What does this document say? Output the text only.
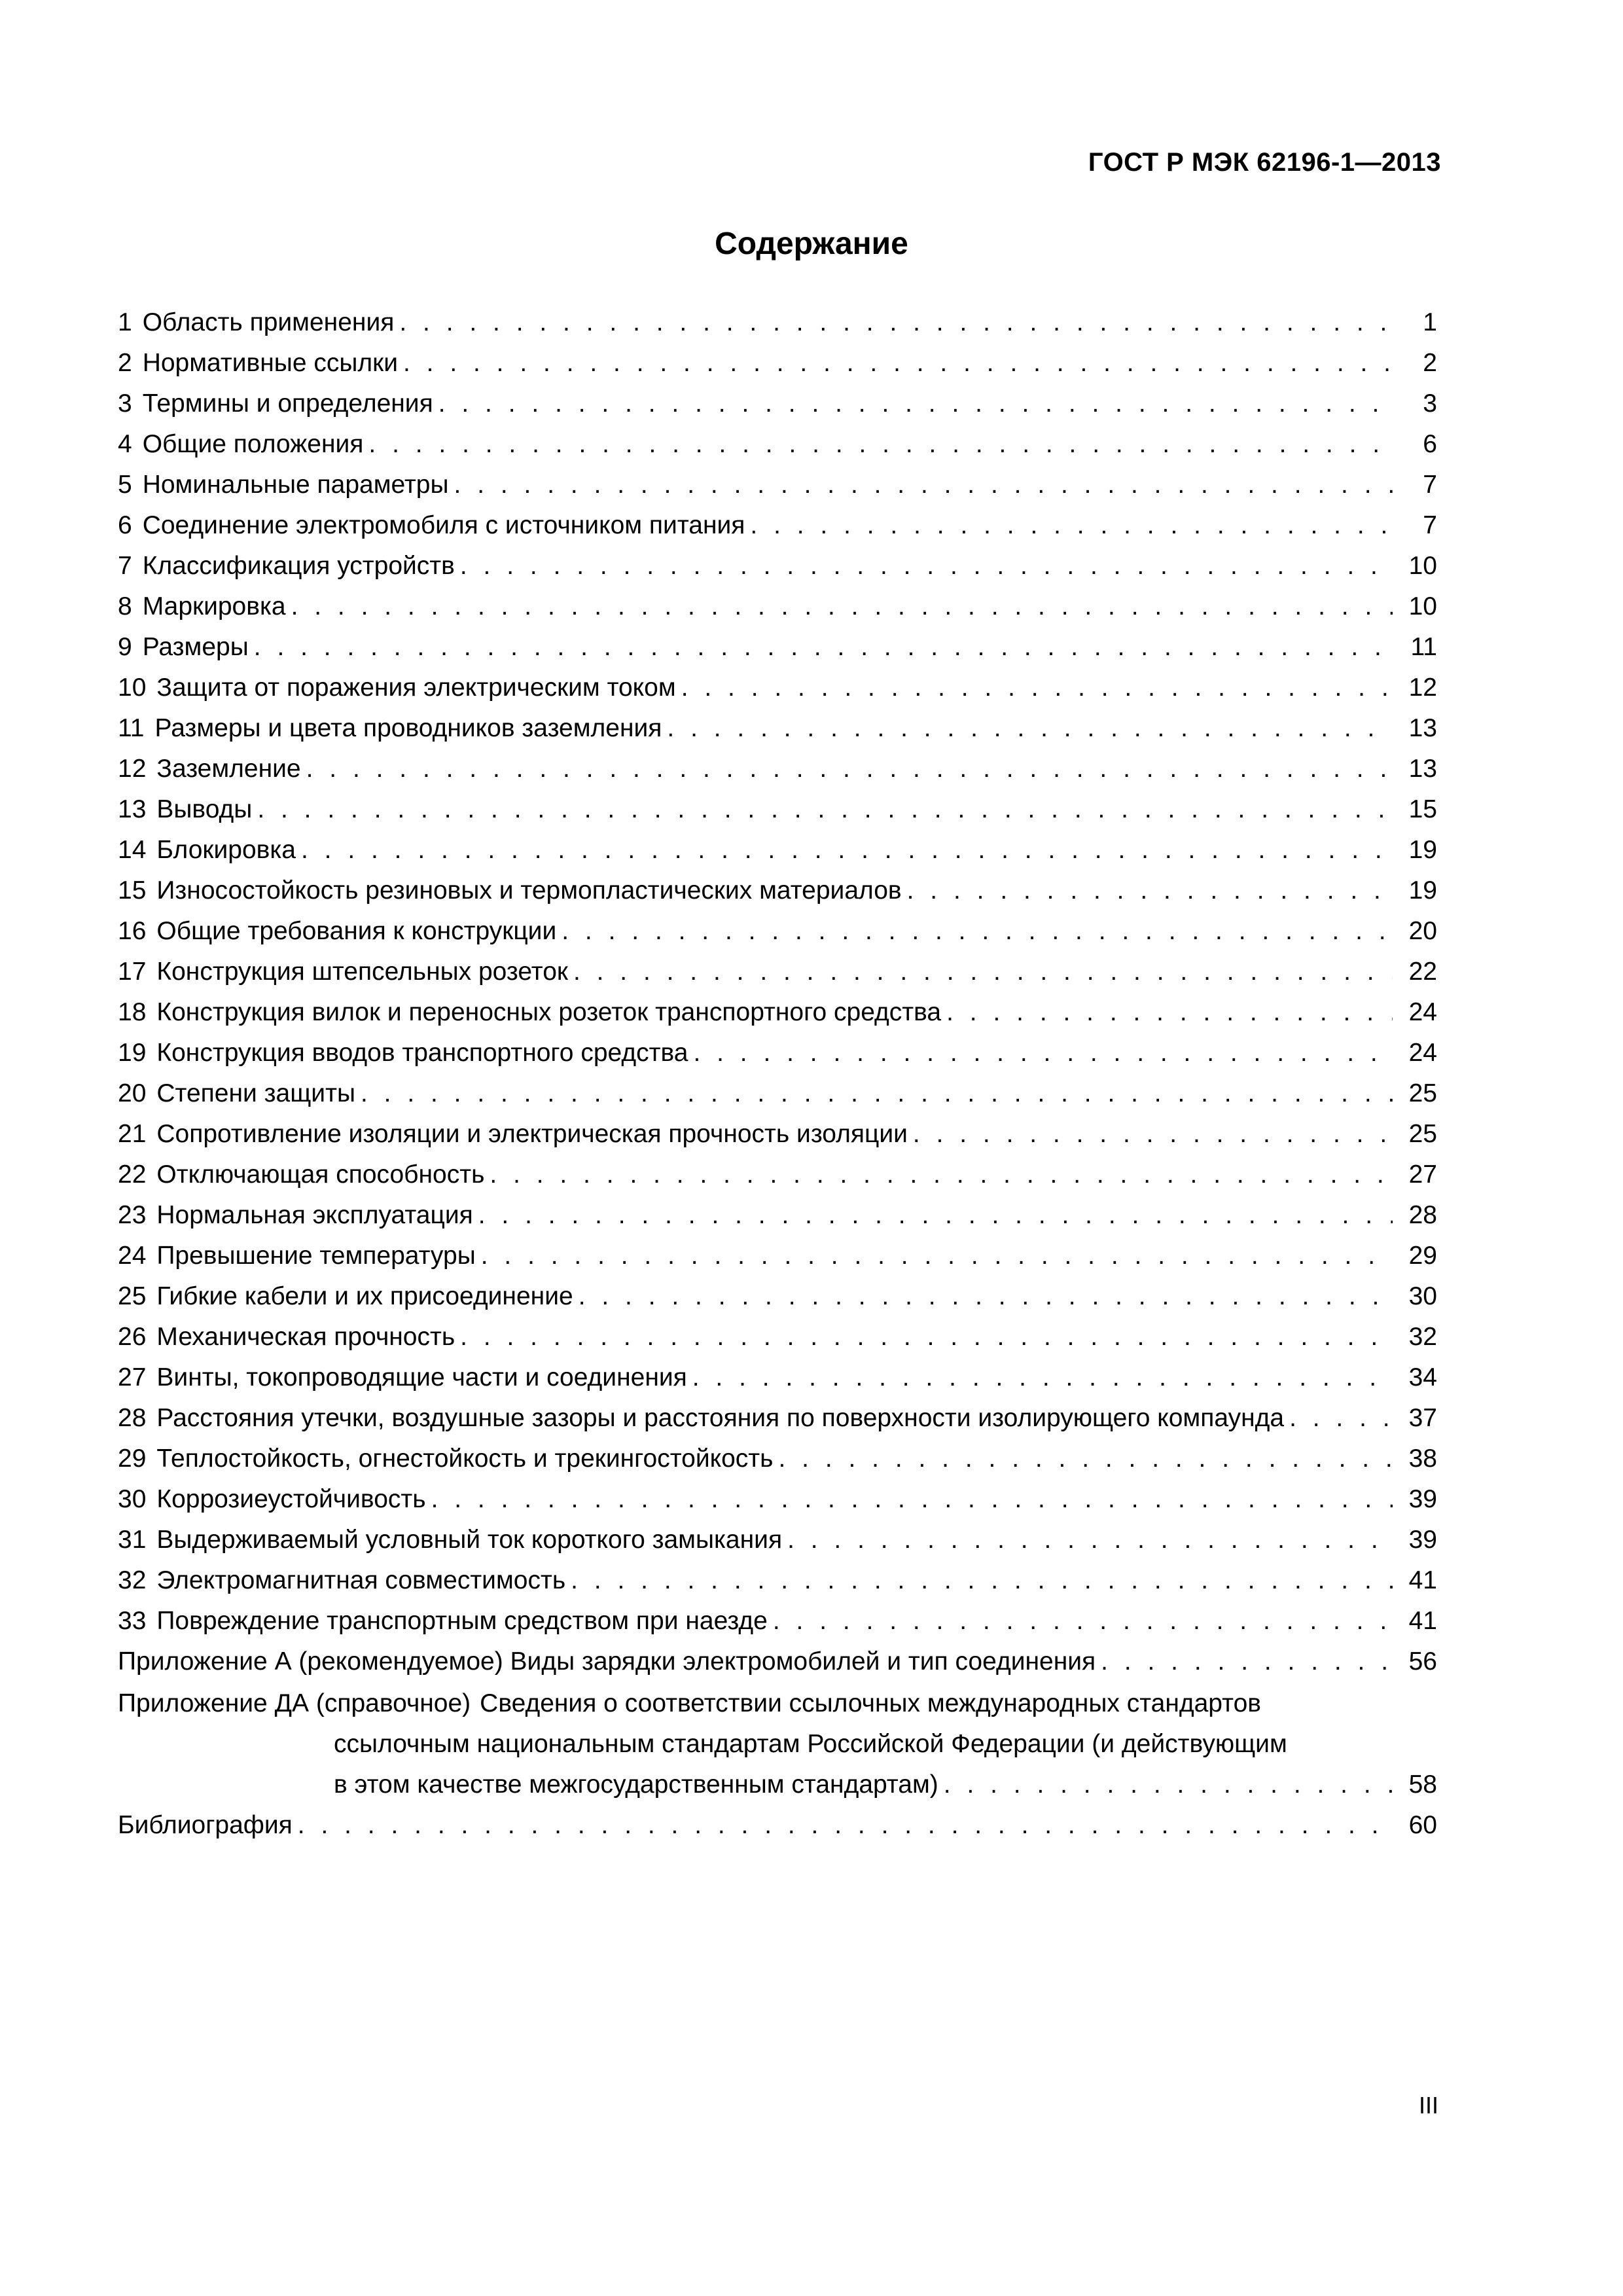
ГОСТ Р МЭК 62196-1—2013
Содержание
1 Область применения . . .	1
2 Нормативные ссылки . . .	2
3 Термины и определения . . .	3
4 Общие положения . . .	6
5 Номинальные параметры . . .	7
6 Соединение электромобиля с источником питания . . .	7
7 Классификация устройств . . .	10
8 Маркировка . . .	10
9 Размеры . . .	11
10 Защита от поражения электрическим током . . .	12
11 Размеры и цвета проводников заземления . . .	13
12 Заземление . . .	13
13 Выводы . . .	15
14 Блокировка . . .	19
15 Износостойкость резиновых и термопластических материалов . . .	19
16 Общие требования к конструкции . . .	20
17 Конструкция штепсельных розеток . . .	22
18 Конструкция вилок и переносных розеток транспортного средства . . .	24
19 Конструкция вводов транспортного средства . . .	24
20 Степени защиты . . .	25
21 Сопротивление изоляции и электрическая прочность изоляции . . .	25
22 Отключающая способность . . .	27
23 Нормальная эксплуатация . . .	28
24 Превышение температуры . . .	29
25 Гибкие кабели и их присоединение . . .	30
26 Механическая прочность . . .	32
27 Винты, токопроводящие части и соединения . . .	34
28 Расстояния утечки, воздушные зазоры и расстояния по поверхности изолирующего компаунда . . .	37
29 Теплостойкость, огнестойкость и трекингостойкость . . .	38
30 Коррозиеустойчивость . . .	39
31 Выдерживаемый условный ток короткого замыкания . . .	39
32 Электромагнитная совместимость . . .	41
33 Повреждение транспортным средством при наезде . . .	41
Приложение А (рекомендуемое) Виды зарядки электромобилей и тип соединения . . .	56
Приложение ДА (справочное) Сведения о соответствии ссылочных международных стандартов
ссылочным национальным стандартам Российской Федерации (и действующим
в этом качестве межгосударственным стандартам) . . .	58
Библиография . . .	60
III
